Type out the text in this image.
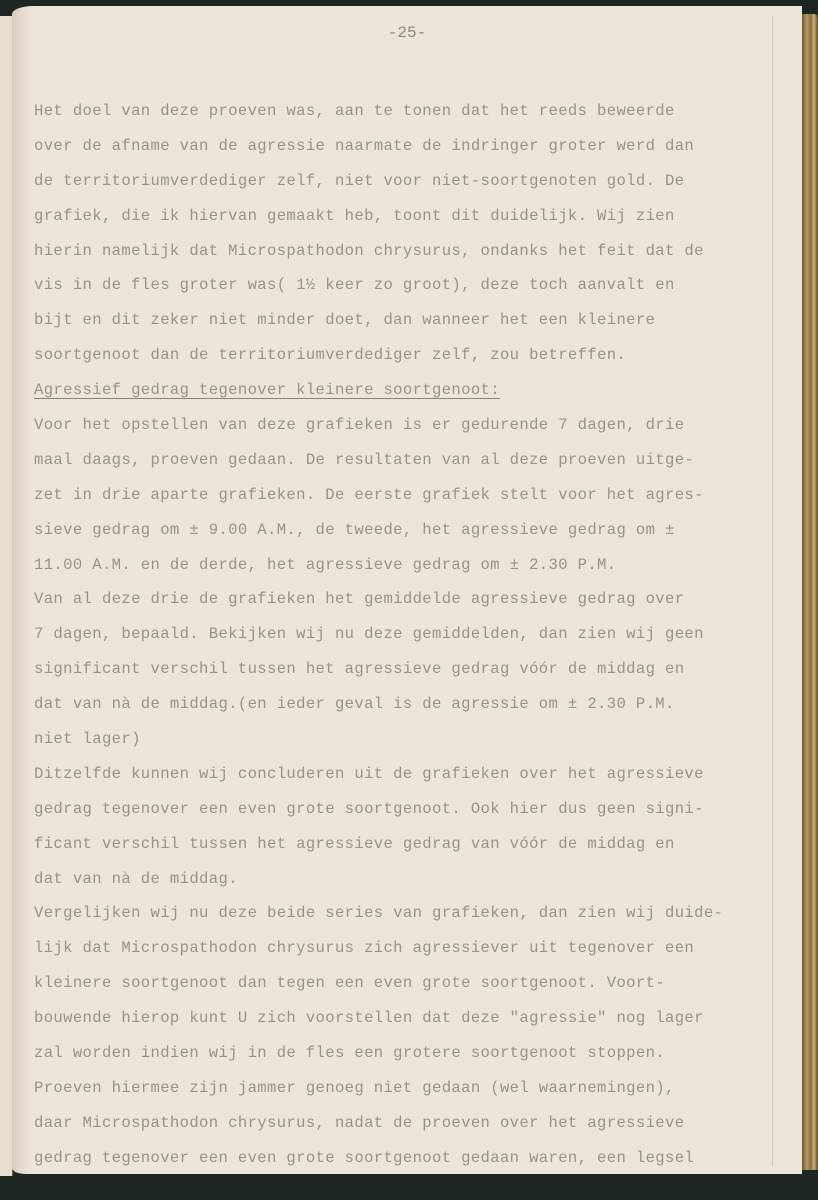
-25-
Het doel van deze proeven was, aan te tonen dat het reeds beweerde
over de afname van de agressie naarmate de indringer groter werd dan
de territoriumverdediger zelf, niet voor niet-soortgenoten gold. De
grafiek, die ik hiervan gemaakt heb, toont dit duidelijk. Wij zien
hierin namelijk dat Microspathodon chrysurus, ondanks het feit dat de
vis in de fles groter was( 1½ keer zo groot), deze toch aanvalt en
bijt en dit zeker niet minder doet, dan wanneer het een kleinere
soortgenoot dan de territoriumverdediger zelf, zou betreffen.
Agressief gedrag tegenover kleinere soortgenoot:
Voor het opstellen van deze grafieken is er gedurende 7 dagen, drie
maal daags, proeven gedaan. De resultaten van al deze proeven uitge-
zet in drie aparte grafieken. De eerste grafiek stelt voor het agres-
sieve gedrag om ± 9.00 A.M., de tweede, het agressieve gedrag om ±
11.00 A.M. en de derde, het agressieve gedrag om ± 2.30 P.M.
Van al deze drie de grafieken het gemiddelde agressieve gedrag over
7 dagen, bepaald. Bekijken wij nu deze gemiddelden, dan zien wij geen
significant verschil tussen het agressieve gedrag vóór de middag en
dat van nà de middag.(en ieder geval is de agressie om ± 2.30 P.M.
niet lager)
Ditzelfde kunnen wij concluderen uit de grafieken over het agressieve
gedrag tegenover een even grote soortgenoot. Ook hier dus geen signi-
ficant verschil tussen het agressieve gedrag van vóór de middag en
dat van nà de middag.
Vergelijken wij nu deze beide series van grafieken, dan zien wij duide-
lijk dat Microspathodon chrysurus zich agressiever uit tegenover een
kleinere soortgenoot dan tegen een even grote soortgenoot. Voort-
bouwende hierop kunt U zich voorstellen dat deze "agressie" nog lager
zal worden indien wij in de fles een grotere soortgenoot stoppen.
Proeven hiermee zijn jammer genoeg niet gedaan (wel waarnemingen),
daar Microspathodon chrysurus, nadat de proeven over het agressieve
gedrag tegenover een even grote soortgenoot gedaan waren, een legsel
